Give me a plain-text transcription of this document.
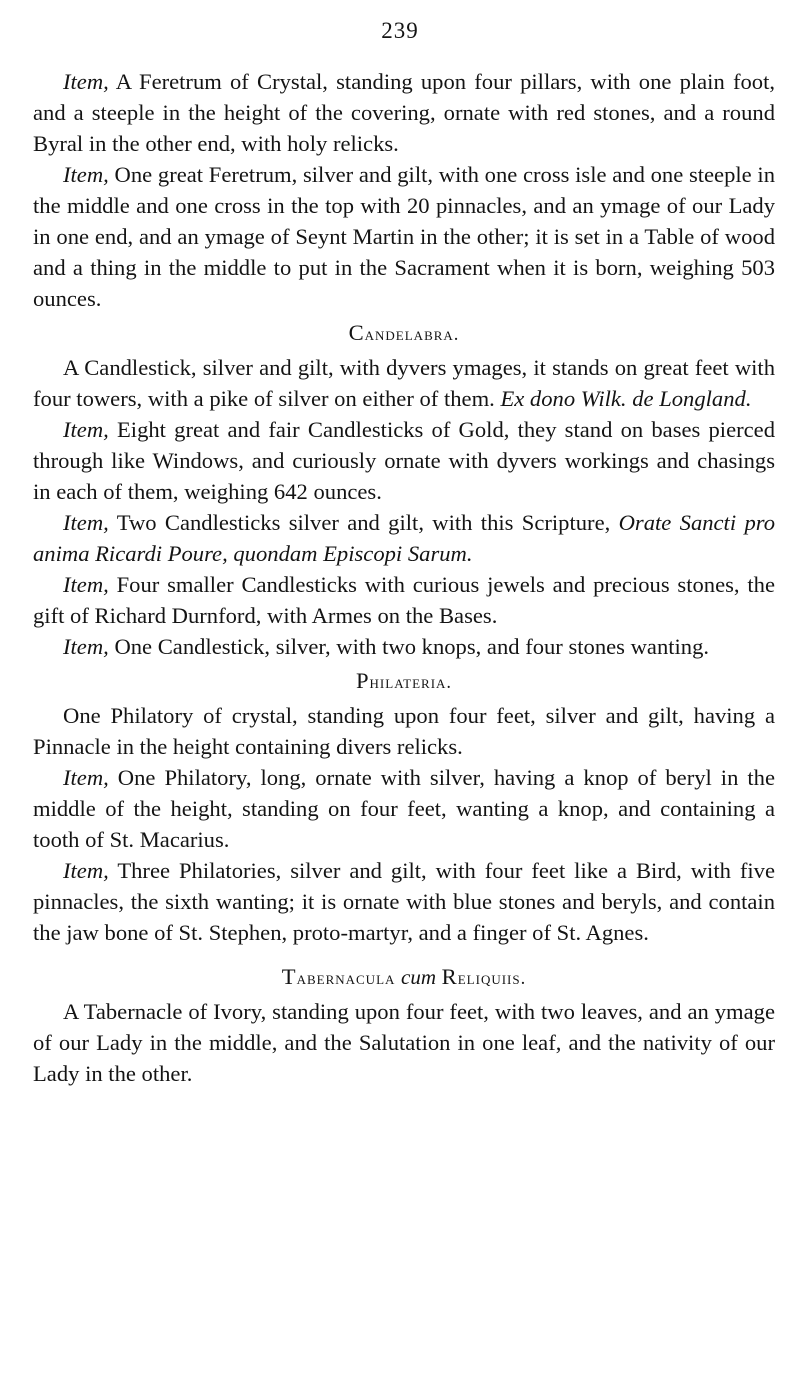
239

Item, A Feretrum of Crystal, standing upon four pillars, with one plain foot, and a steeple in the height of the covering, ornate with red stones, and a round Byral in the other end, with holy relicks.

Item, One great Feretrum, silver and gilt, with one cross isle and one steeple in the middle and one cross in the top with 20 pinnacles, and an ymage of our Lady in one end, and an ymage of Seynt Martin in the other; it is set in a Table of wood and a thing in the middle to put in the Sacrament when it is born, weighing 503 ounces.

Candelabra.

A Candlestick, silver and gilt, with dyvers ymages, it stands on great feet with four towers, with a pike of silver on either of them. Ex dono Wilk. de Longland.

Item, Eight great and fair Candlesticks of Gold, they stand on bases pierced through like Windows, and curiously ornate with dyvers workings and chasings in each of them, weighing 642 ounces.

Item, Two Candlesticks silver and gilt, with this Scripture, Orate Sancti pro anima Ricardi Poure, quondam Episcopi Sarum.

Item, Four smaller Candlesticks with curious jewels and precious stones, the gift of Richard Durnford, with Armes on the Bases.

Item, One Candlestick, silver, with two knops, and four stones wanting.

Philateria.

One Philatory of crystal, standing upon four feet, silver and gilt, having a Pinnacle in the height containing divers relicks.

Item, One Philatory, long, ornate with silver, having a knop of beryl in the middle of the height, standing on four feet, wanting a knop, and containing a tooth of St. Macarius.

Item, Three Philatories, silver and gilt, with four feet like a Bird, with five pinnacles, the sixth wanting; it is ornate with blue stones and beryls, and contain the jaw bone of St. Stephen, proto-martyr, and a finger of St. Agnes.

Tabernacula cum Reliquiis.

A Tabernacle of Ivory, standing upon four feet, with two leaves, and an ymage of our Lady in the middle, and the Salutation in one leaf, and the nativity of our Lady in the other.
